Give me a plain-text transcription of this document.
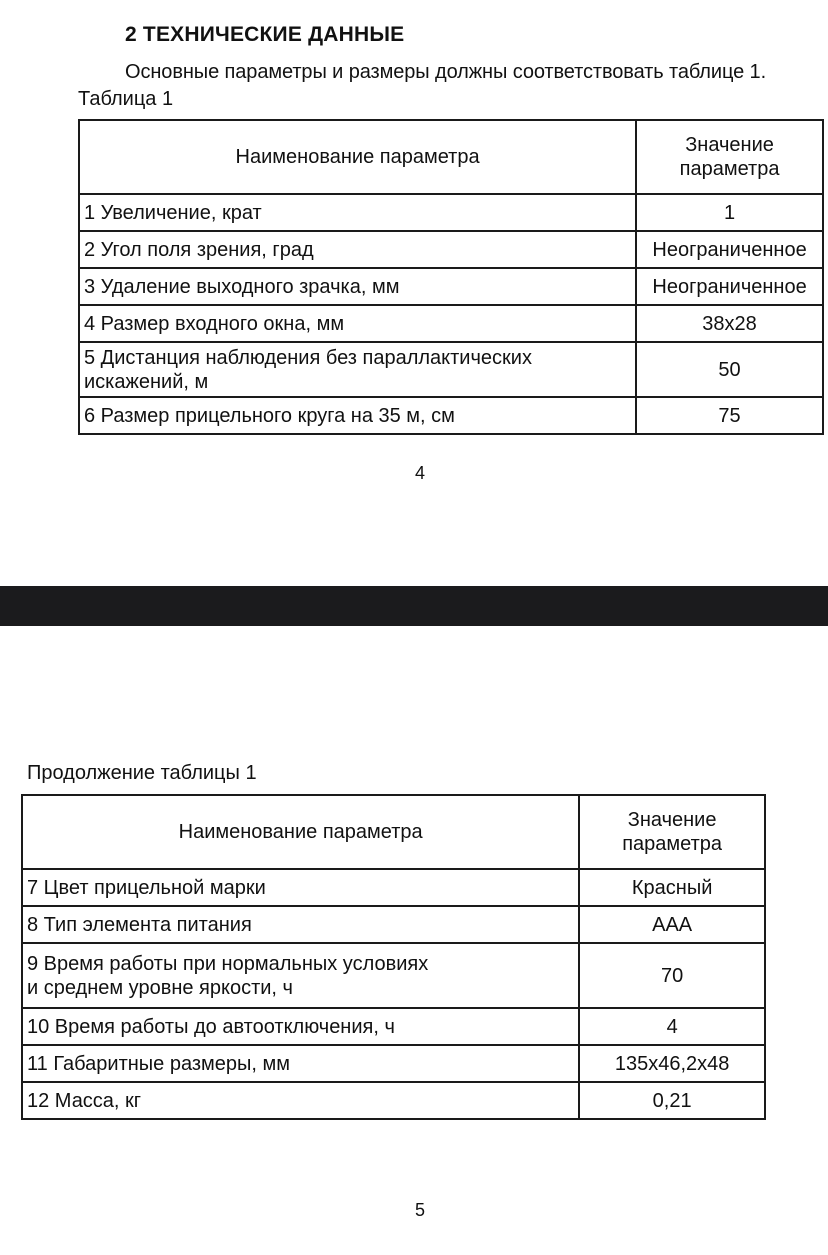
2 ТЕХНИЧЕСКИЕ ДАННЫЕ
Основные параметры и размеры должны соответствовать таблице 1.
Таблица 1
Наименование параметра	Значение
параметра
1 Увеличение, крат	1
2 Угол поля зрения, град	Неограниченное
3 Удаление выходного зрачка, мм	Неограниченное
4 Размер входного окна, мм	38х28
5 Дистанция наблюдения без параллактических
искажений, м	50
6 Размер прицельного круга на 35 м, см	75
4
Продолжение таблицы 1
Наименование параметра	Значение
параметра
7 Цвет прицельной марки	Красный
8 Тип элемента питания	ААА
9 Время работы при нормальных условиях
и среднем уровне яркости, ч	70
10 Время работы до автоотключения, ч	4
11 Габаритные размеры, мм	135х46,2х48
12 Масса, кг	0,21
5
